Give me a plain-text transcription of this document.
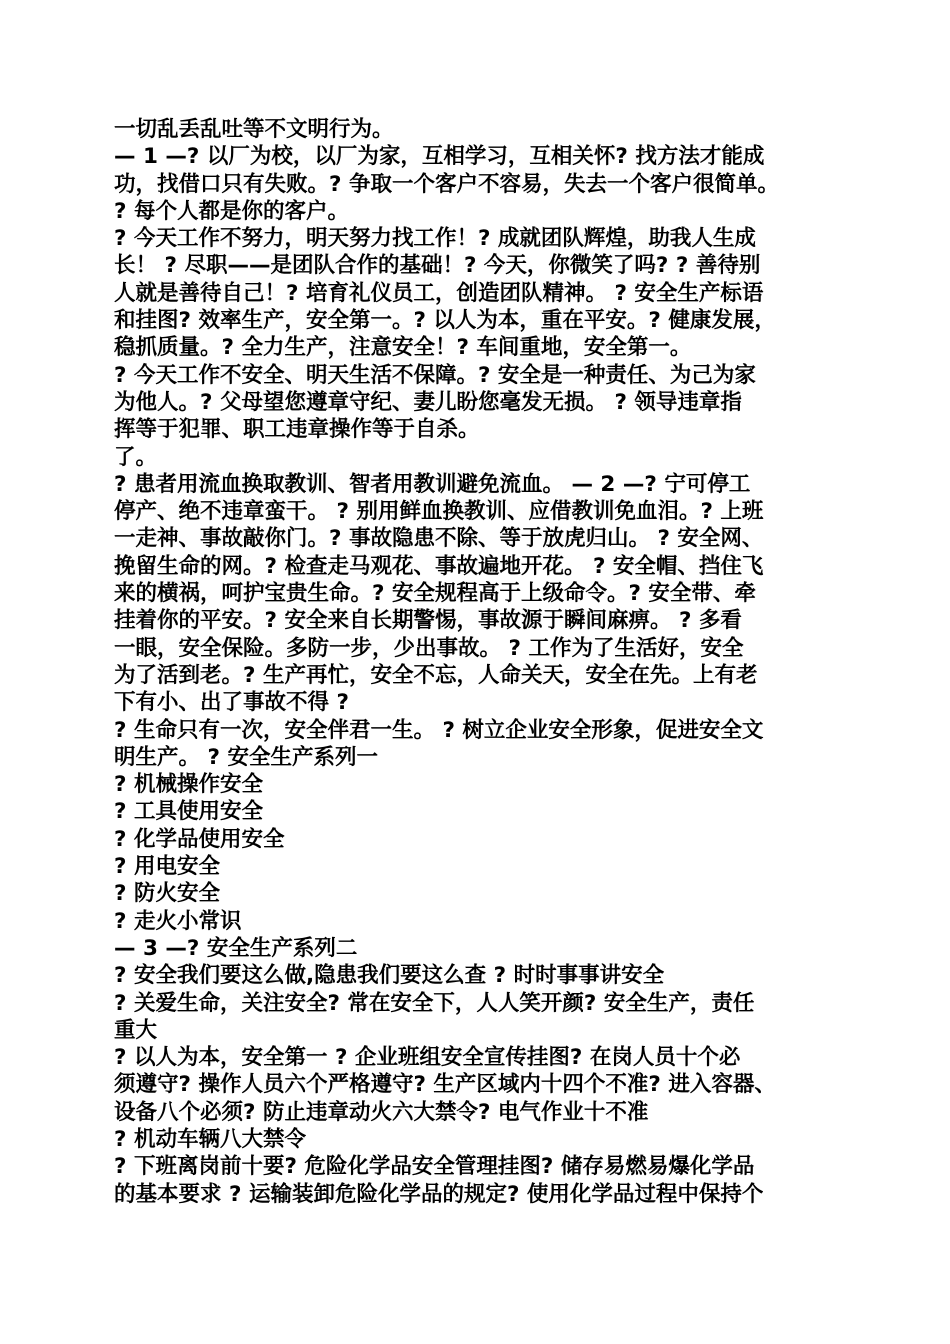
一切乱丢乱吐等不文明行为。
— 1 —? 以厂为校，以厂为家，互相学习，互相关怀? 找方法才能成
功，找借口只有失败。? 争取一个客户不容易，失去一个客户很简单。
? 每个人都是你的客户。
? 今天工作不努力，明天努力找工作！? 成就团队辉煌，助我人生成
长！ ? 尽职——是团队合作的基础！? 今天，你微笑了吗? ? 善待别
人就是善待自己！? 培育礼仪员工，创造团队精神。 ? 安全生产标语
和挂图? 效率生产，安全第一。? 以人为本，重在平安。? 健康发展，
稳抓质量。? 全力生产，注意安全！? 车间重地，安全第一。
? 今天工作不安全、明天生活不保障。? 安全是一种责任、为己为家
为他人。? 父母望您遵章守纪、妻儿盼您毫发无损。 ? 领导违章指
挥等于犯罪、职工违章操作等于自杀。
了。
? 患者用流血换取教训、智者用教训避免流血。 — 2 —? 宁可停工
停产、绝不违章蛮干。 ? 别用鲜血换教训、应借教训免血泪。? 上班
一走神、事故敲你门。? 事故隐患不除、等于放虎归山。 ? 安全网、
挽留生命的网。? 检查走马观花、事故遍地开花。 ? 安全帽、挡住飞
来的横祸，呵护宝贵生命。? 安全规程高于上级命令。? 安全带、牵
挂着你的平安。? 安全来自长期警惕，事故源于瞬间麻痹。 ? 多看
一眼，安全保险。多防一步，少出事故。 ? 工作为了生活好，安全
为了活到老。? 生产再忙，安全不忘，人命关天，安全在先。上有老
下有小、出了事故不得 ?
? 生命只有一次，安全伴君一生。 ? 树立企业安全形象，促进安全文
明生产。 ? 安全生产系列一
? 机械操作安全
? 工具使用安全
? 化学品使用安全
? 用电安全
? 防火安全
? 走火小常识
— 3 —? 安全生产系列二
? 安全我们要这么做,隐患我们要这么查 ? 时时事事讲安全
? 关爱生命，关注安全? 常在安全下，人人笑开颜? 安全生产，责任
重大
? 以人为本，安全第一 ? 企业班组安全宣传挂图? 在岗人员十个必
须遵守? 操作人员六个严格遵守? 生产区域内十四个不准? 进入容器、
设备八个必须? 防止违章动火六大禁令? 电气作业十不准
? 机动车辆八大禁令
? 下班离岗前十要? 危险化学品安全管理挂图? 储存易燃易爆化学品
的基本要求 ? 运输装卸危险化学品的规定? 使用化学品过程中保持个
